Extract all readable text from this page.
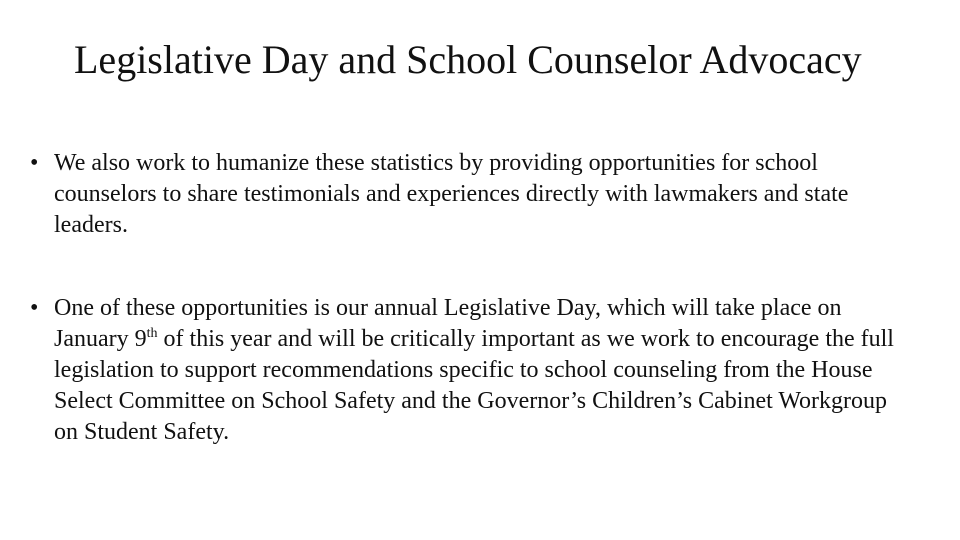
Legislative Day and School Counselor Advocacy
• We also work to humanize these statistics by providing opportunities for school counselors to share testimonials and experiences directly with lawmakers and state leaders.
• One of these opportunities is our annual Legislative Day, which will take place on January 9th of this year and will be critically important as we work to encourage the full legislation to support recommendations specific to school counseling from the House Select Committee on School Safety and the Governor’s Children’s Cabinet Workgroup on Student Safety.
